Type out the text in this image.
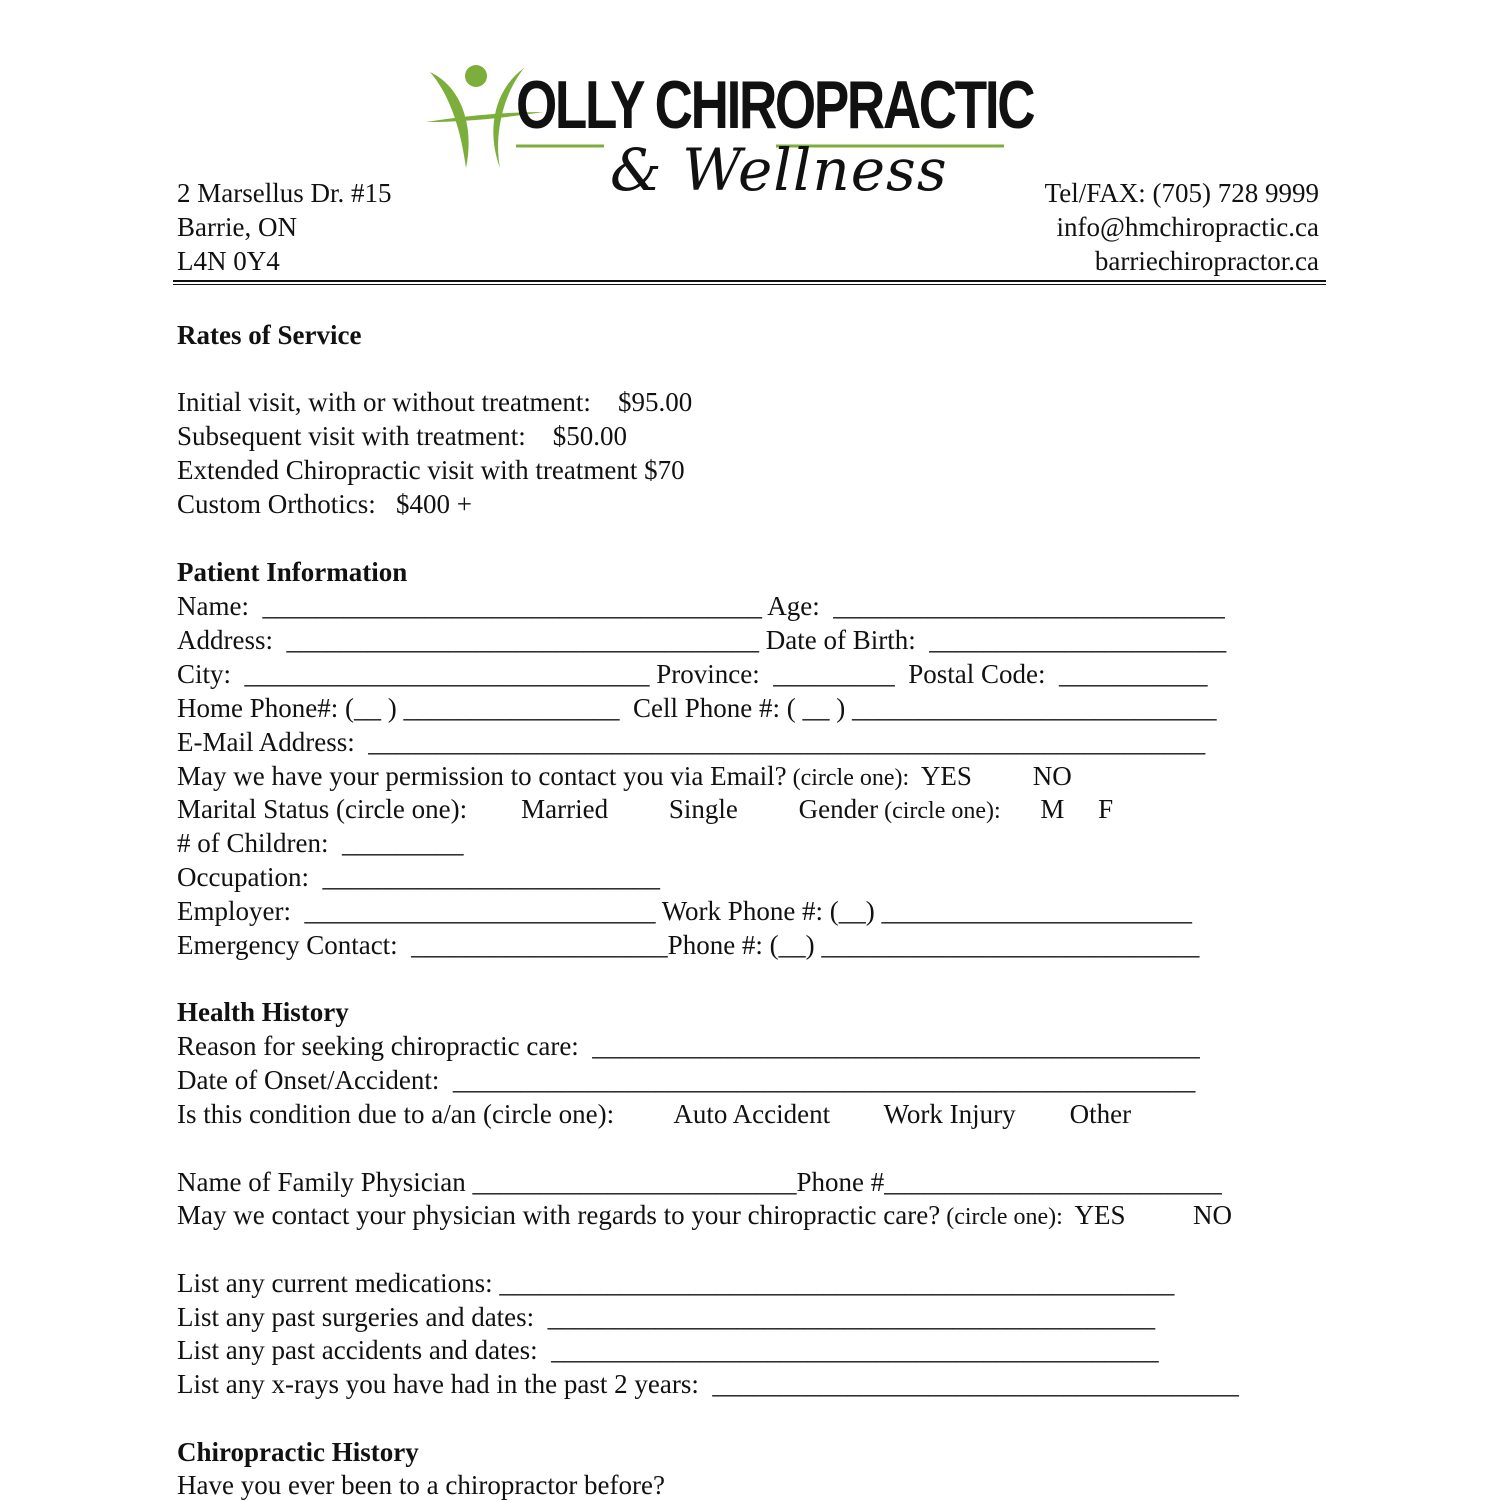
OLLY CHIROPRACTIC
& Wellness
2 Marsellus Dr. #15
Barrie, ON
L4N 0Y4
Tel/FAX: (705) 728 9999
info@hmchiropractic.ca
barriechiropractor.ca
Rates of Service
Initial visit, with or without treatment:    $95.00
Subsequent visit with treatment:    $50.00
Extended Chiropractic visit with treatment $70
Custom Orthotics:   $400 +
Patient Information
Name:  _____________________________________ Age:  _____________________________
Address:  ___________________________________ Date of Birth:  ______________________
City:  ______________________________ Province:  _________  Postal Code:  ___________
Home Phone#: (__ ) ________________  Cell Phone #: ( __ ) ___________________________
E-Mail Address:  ______________________________________________________________
May we have your permission to contact you via Email? (circle one):  YES         NO
Marital Status (circle one):        Married         Single         Gender (circle one):      M     F
# of Children:  _________
Occupation:  _________________________
Employer:  __________________________ Work Phone #: (__) _______________________
Emergency Contact:  ___________________Phone #: (__) ____________________________
Health History
Reason for seeking chiropractic care:  _____________________________________________
Date of Onset/Accident:  _______________________________________________________
Is this condition due to a/an (circle one):         Auto Accident        Work Injury        Other
Name of Family Physician ________________________Phone #_________________________
May we contact your physician with regards to your chiropractic care? (circle one):  YES          NO
List any current medications: __________________________________________________
List any past surgeries and dates:  _____________________________________________
List any past accidents and dates:  _____________________________________________
List any x-rays you have had in the past 2 years:  _______________________________________
Chiropractic History
Have you ever been to a chiropractor before?
